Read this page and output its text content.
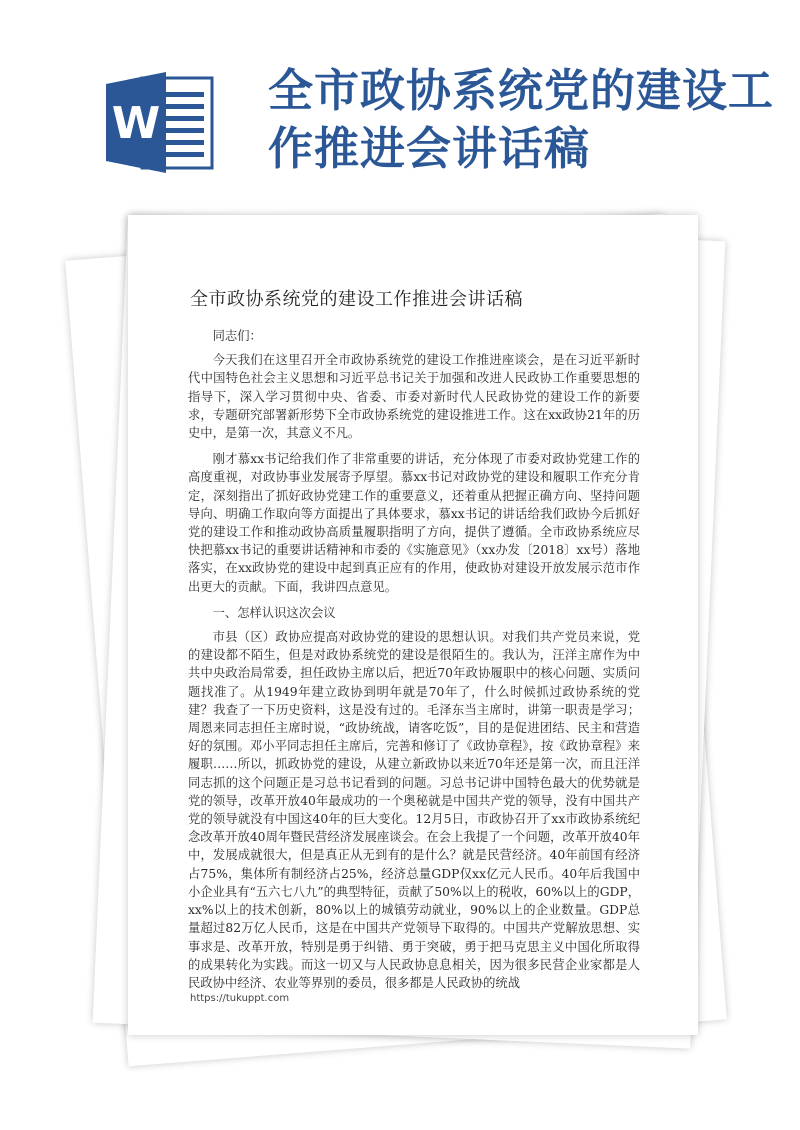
W
全市政协系统党的建设工作推进会讲话稿
全市政协系统党的建设工作推进会讲话稿

同志们：

今天我们在这里召开全市政协系统党的建设工作推进座谈会，是在习近平新时代中国特色社会主义思想和习近平总书记关于加强和改进人民政协工作重要思想的指导下，深入学习贯彻中央、省委、市委对新时代人民政协党的建设工作的新要求，专题研究部署新形势下全市政协系统党的建设推进工作。这在xx政协21年的历史中，是第一次，其意义不凡。

刚才慕xx书记给我们作了非常重要的讲话，充分体现了市委对政协党建工作的高度重视，对政协事业发展寄予厚望。慕xx书记对政协党的建设和履职工作充分肯定，深刻指出了抓好政协党建工作的重要意义，还着重从把握正确方向、坚持问题导向、明确工作取向等方面提出了具体要求，慕xx书记的讲话给我们政协今后抓好党的建设工作和推动政协高质量履职指明了方向，提供了遵循。全市政协系统应尽快把慕xx书记的重要讲话精神和市委的《实施意见》（xx办发〔2018〕xx号）落地落实，在xx政协党的建设中起到真正应有的作用，使政协对建设开放发展示范市作出更大的贡献。下面，我讲四点意见。

一、怎样认识这次会议

市县（区）政协应提高对政协党的建设的思想认识。对我们共产党员来说，党的建设都不陌生，但是对政协系统党的建设是很陌生的。我认为，汪洋主席作为中共中央政治局常委，担任政协主席以后，把近70年政协履职中的核心问题、实质问题找准了。从1949年建立政协到明年就是70年了，什么时候抓过政协系统的党建？我查了一下历史资料，这是没有过的。毛泽东当主席时，讲第一职责是学习；周恩来同志担任主席时说，“政协统战，请客吃饭”，目的是促进团结、民主和营造好的氛围。邓小平同志担任主席后，完善和修订了《政协章程》，按《政协章程》来履职……所以，抓政协党的建设，从建立新政协以来近70年还是第一次，而且汪洋同志抓的这个问题正是习总书记看到的问题。习总书记讲中国特色最大的优势就是党的领导，改革开放40年最成功的一个奥秘就是中国共产党的领导，没有中国共产党的领导就没有中国这40年的巨大变化。12月5日，市政协召开了xx市政协系统纪念改革开放40周年暨民营经济发展座谈会。在会上我提了一个问题，改革开放40年中，发展成就很大，但是真正从无到有的是什么？就是民营经济。40年前国有经济占75%，集体所有制经济占25%，经济总量GDP仅xx亿元人民币。40年后我国中小企业具有“五六七八九”的典型特征，贡献了50%以上的税收，60%以上的GDP，xx%以上的技术创新，80%以上的城镇劳动就业，90%以上的企业数量。GDP总量超过82万亿人民币，这是在中国共产党领导下取得的。中国共产党解放思想、实事求是、改革开放，特别是勇于纠错、勇于突破，勇于把马克思主义中国化所取得的成果转化为实践。而这一切又与人民政协息息相关，因为很多民营企业家都是人民政协中经济、农业等界别的委员，很多都是人民政协的统战

https://tukuppt.com
